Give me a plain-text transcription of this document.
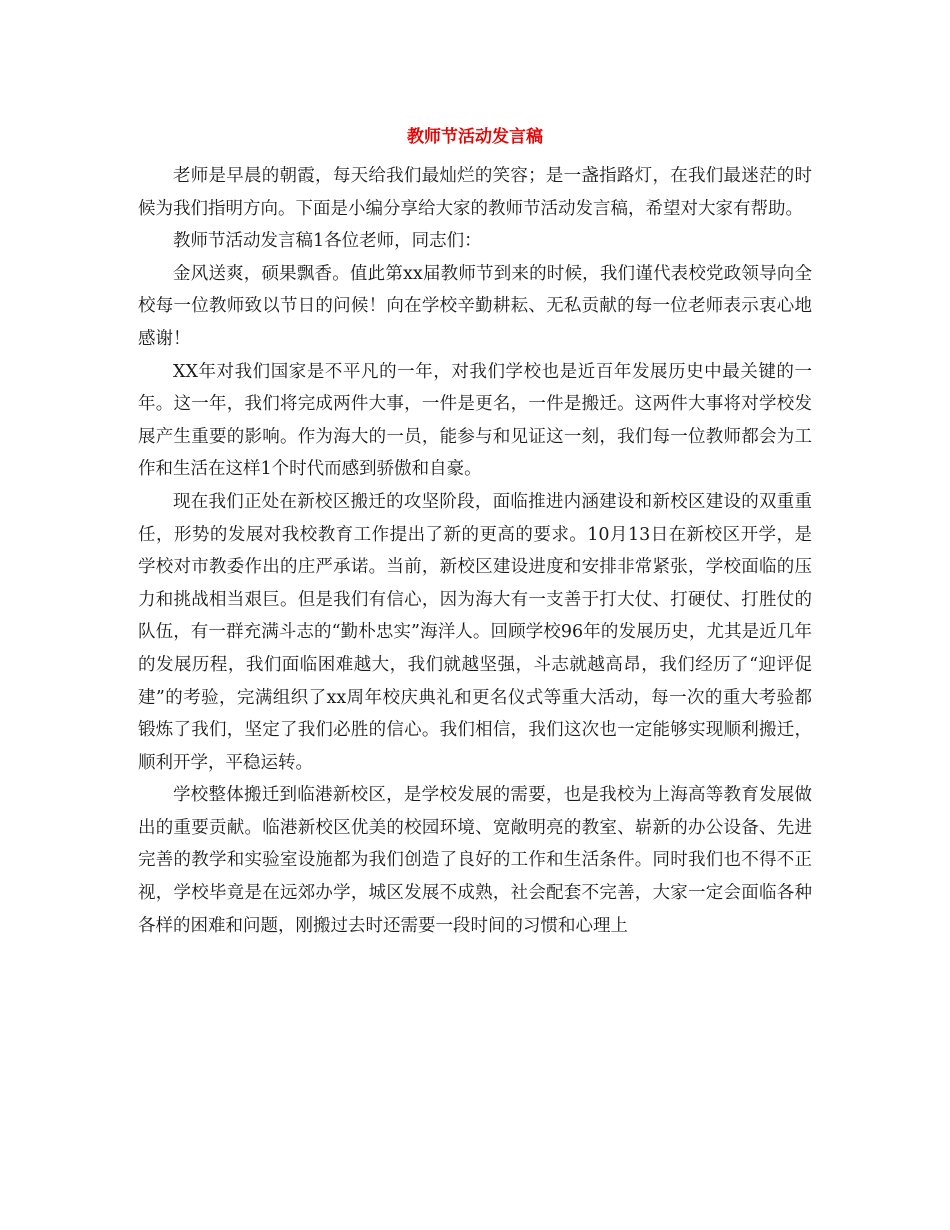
教师节活动发言稿

老师是早晨的朝霞，每天给我们最灿烂的笑容；是一盏指路灯，在我们最迷茫的时候为我们指明方向。下面是小编分享给大家的教师节活动发言稿，希望对大家有帮助。

教师节活动发言稿1各位老师，同志们：

金风送爽，硕果飘香。值此第xx届教师节到来的时候，我们谨代表校党政领导向全校每一位教师致以节日的问候！向在学校辛勤耕耘、无私贡献的每一位老师表示衷心地感谢！

XX年对我们国家是不平凡的一年，对我们学校也是近百年发展历史中最关键的一年。这一年，我们将完成两件大事，一件是更名，一件是搬迁。这两件大事将对学校发展产生重要的影响。作为海大的一员，能参与和见证这一刻，我们每一位教师都会为工作和生活在这样1个时代而感到骄傲和自豪。

现在我们正处在新校区搬迁的攻坚阶段，面临推进内涵建设和新校区建设的双重重任，形势的发展对我校教育工作提出了新的更高的要求。10月13日在新校区开学，是学校对市教委作出的庄严承诺。当前，新校区建设进度和安排非常紧张，学校面临的压力和挑战相当艰巨。但是我们有信心，因为海大有一支善于打大仗、打硬仗、打胜仗的队伍，有一群充满斗志的“勤朴忠实”海洋人。回顾学校96年的发展历史，尤其是近几年的发展历程，我们面临困难越大，我们就越坚强，斗志就越高昂，我们经历了“迎评促建”的考验，完满组织了xx周年校庆典礼和更名仪式等重大活动，每一次的重大考验都锻炼了我们，坚定了我们必胜的信心。我们相信，我们这次也一定能够实现顺利搬迁，顺利开学，平稳运转。

学校整体搬迁到临港新校区，是学校发展的需要，也是我校为上海高等教育发展做出的重要贡献。临港新校区优美的校园环境、宽敞明亮的教室、崭新的办公设备、先进完善的教学和实验室设施都为我们创造了良好的工作和生活条件。同时我们也不得不正视，学校毕竟是在远郊办学，城区发展不成熟，社会配套不完善，大家一定会面临各种各样的困难和问题，刚搬过去时还需要一段时间的习惯和心理上
